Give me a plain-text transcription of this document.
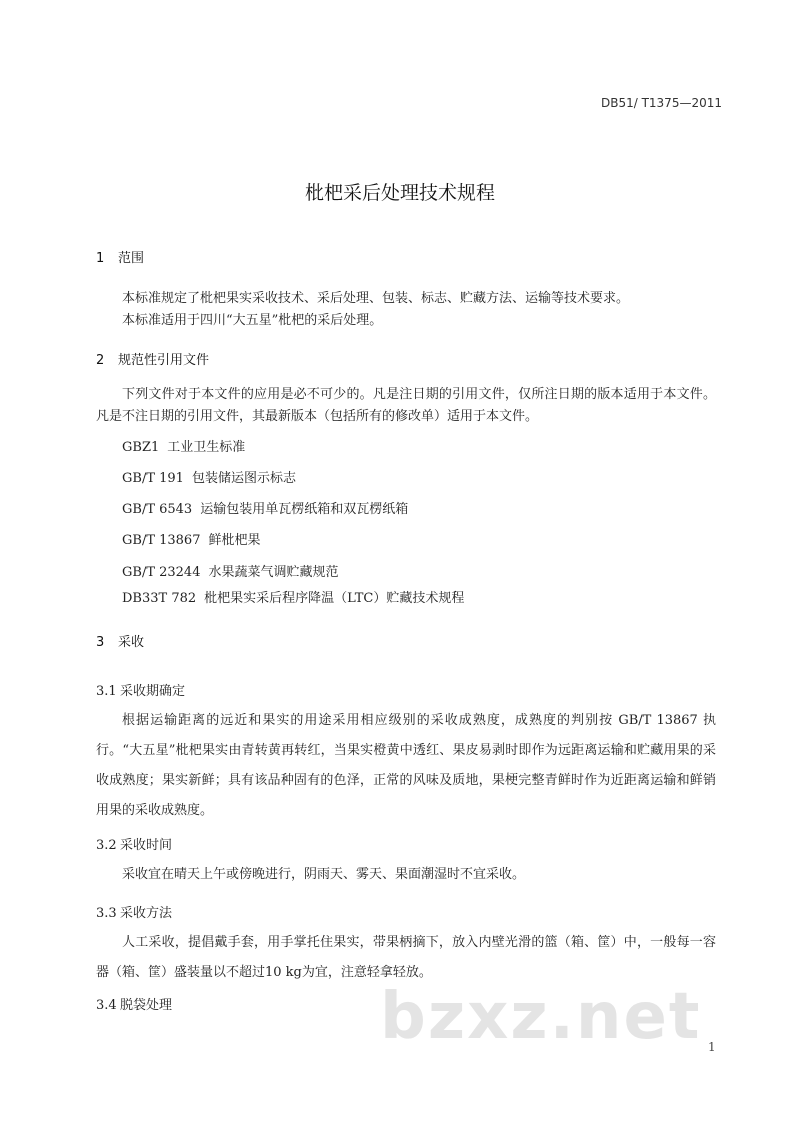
DB51/ T1375—2011
枇杷采后处理技术规程
1 范围
本标准规定了枇杷果实采收技术、采后处理、包装、标志、贮藏方法、运输等技术要求。
本标准适用于四川“大五星”枇杷的采后处理。
2 规范性引用文件

下列文件对于本文件的应用是必不可少的。凡是注日期的引用文件，仅所注日期的版本适用于本文件。凡是不注日期的引用文件，其最新版本（包括所有的修改单）适用于本文件。

GBZ1 工业卫生标准
GB/T 191 包装储运图示标志
GB/T 6543 运输包装用单瓦楞纸箱和双瓦楞纸箱
GB/T 13867 鲜枇杷果
GB/T 23244 水果蔬菜气调贮藏规范
DB33T 782 枇杷果实采后程序降温（LTC）贮藏技术规程
3 采收
3.1 采收期确定

根据运输距离的远近和果实的用途采用相应级别的采收成熟度，成熟度的判别按 GB/T 13867 执行。“大五星”枇杷果实由青转黄再转红，当果实橙黄中透红、果皮易剥时即作为远距离运输和贮藏用果的采收成熟度；果实新鲜；具有该品种固有的色泽，正常的风味及质地，果梗完整青鲜时作为近距离运输和鲜销用果的采收成熟度。

3.2 采收时间

采收宜在晴天上午或傍晚进行，阴雨天、雾天、果面潮湿时不宜采收。

3.3 采收方法

人工采收，提倡戴手套，用手掌托住果实，带果柄摘下，放入内壁光滑的篮（箱、筐）中，一般每一容器（箱、筐）盛装量以不超过10 kg为宜，注意轻拿轻放。

3.4 脱袋处理	bzxz.net 1
